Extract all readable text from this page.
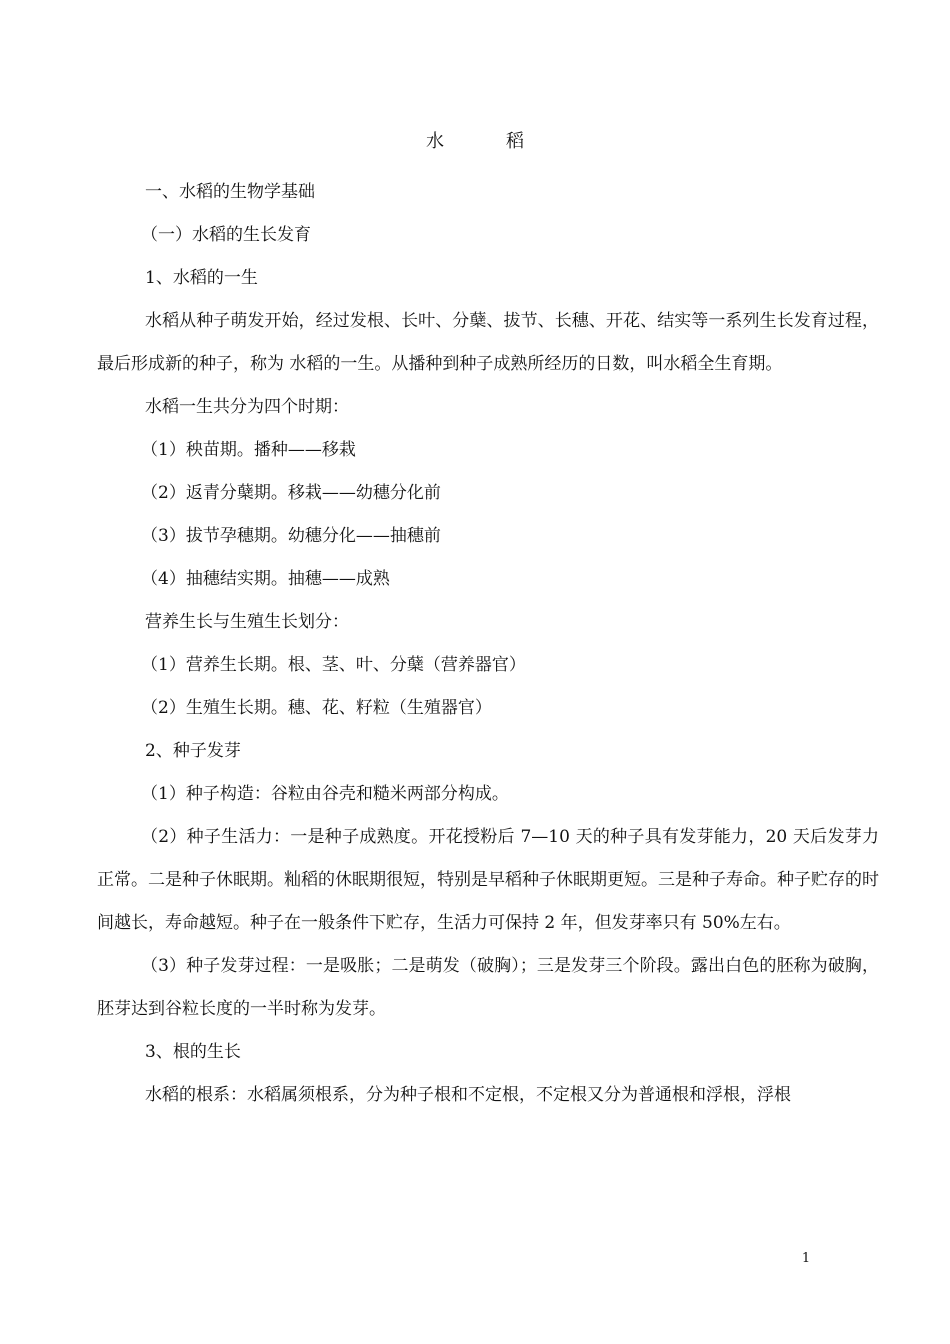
水	稻

一、水稻的生物学基础

（一）水稻的生长发育

1、水稻的一生

水稻从种子萌发开始，经过发根、长叶、分蘖、拔节、长穗、开花、结实等一系列生长发育过程，最后形成新的种子，称为 水稻的一生。从播种到种子成熟所经历的日数，叫水稻全生育期。

水稻一生共分为四个时期：

（1）秧苗期。播种——移栽

（2）返青分蘖期。移栽——幼穗分化前

（3）拔节孕穗期。幼穗分化——抽穗前

（4）抽穗结实期。抽穗——成熟

营养生长与生殖生长划分：

（1）营养生长期。根、茎、叶、分蘖（营养器官）

（2）生殖生长期。穗、花、籽粒（生殖器官）

2、种子发芽

（1）种子构造：谷粒由谷壳和糙米两部分构成。

（2）种子生活力：一是种子成熟度。开花授粉后 7—10 天的种子具有发芽能力，20 天后发芽力正常。二是种子休眠期。籼稻的休眠期很短，特别是早稻种子休眠期更短。三是种子寿命。种子贮存的时间越长，寿命越短。种子在一般条件下贮存，生活力可保持 2 年，但发芽率只有 50%左右。

（3）种子发芽过程：一是吸胀；二是萌发（破胸）；三是发芽三个阶段。露出白色的胚称为破胸，胚芽达到谷粒长度的一半时称为发芽。

3、根的生长

水稻的根系：水稻属须根系，分为种子根和不定根，不定根又分为普通根和浮根，浮根

1
